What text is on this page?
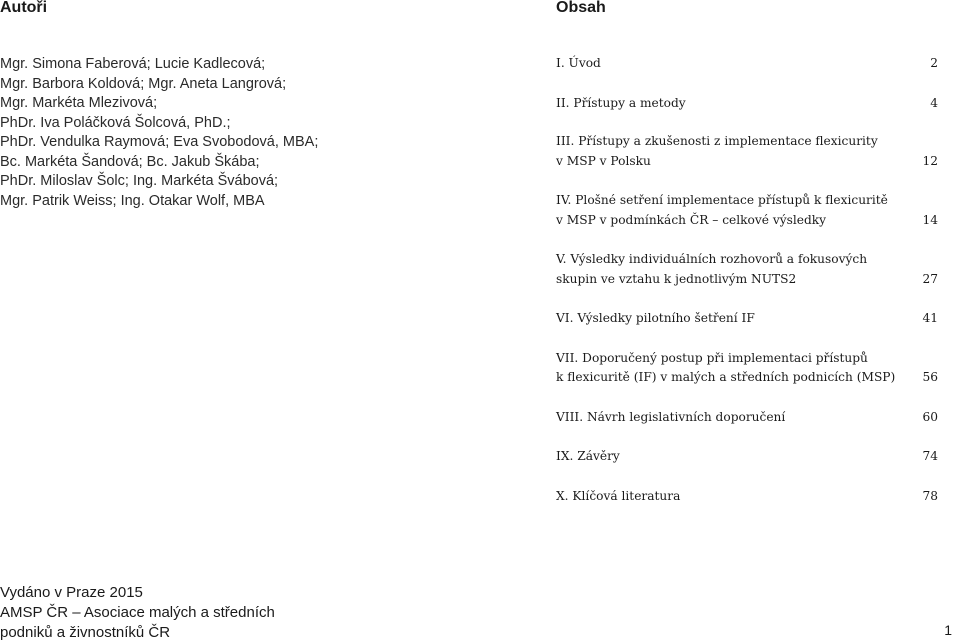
Autoři	Obsah
Mgr. Simona Faberová; Lucie Kadlecová;
Mgr. Barbora Koldová; Mgr. Aneta Langrová;
Mgr. Markéta Mlezivová;
PhDr. Iva Poláčková Šolcová, PhD.;
PhDr. Vendulka Raymová; Eva Svobodová, MBA;
Bc. Markéta Šandová; Bc. Jakub Škába;
PhDr. Miloslav Šolc; Ing. Markéta Švábová;
Mgr. Patrik Weiss; Ing. Otakar Wolf, MBA
I. Úvod	2
II. Přístupy a metody	4
III. Přístupy a zkušenosti z implementace flexicurity
v MSP v Polsku	12
IV. Plošné setření implementace přístupů k flexicuritě
v MSP v podmínkách ČR – celkové výsledky	14
V. Výsledky individuálních rozhovorů a fokusových
skupin ve vztahu k jednotlivým NUTS2	27
VI. Výsledky pilotního šetření IF	41
VII. Doporučený postup při implementaci přístupů
k flexicuritě (IF) v malých a středních podnicích (MSP)	56
VIII. Návrh legislativních doporučení	60
IX. Závěry	74
X. Klíčová literatura	78
Vydáno v Praze 2015
AMSP ČR – Asociace malých a středních
podniků a živnostníků ČR	1
